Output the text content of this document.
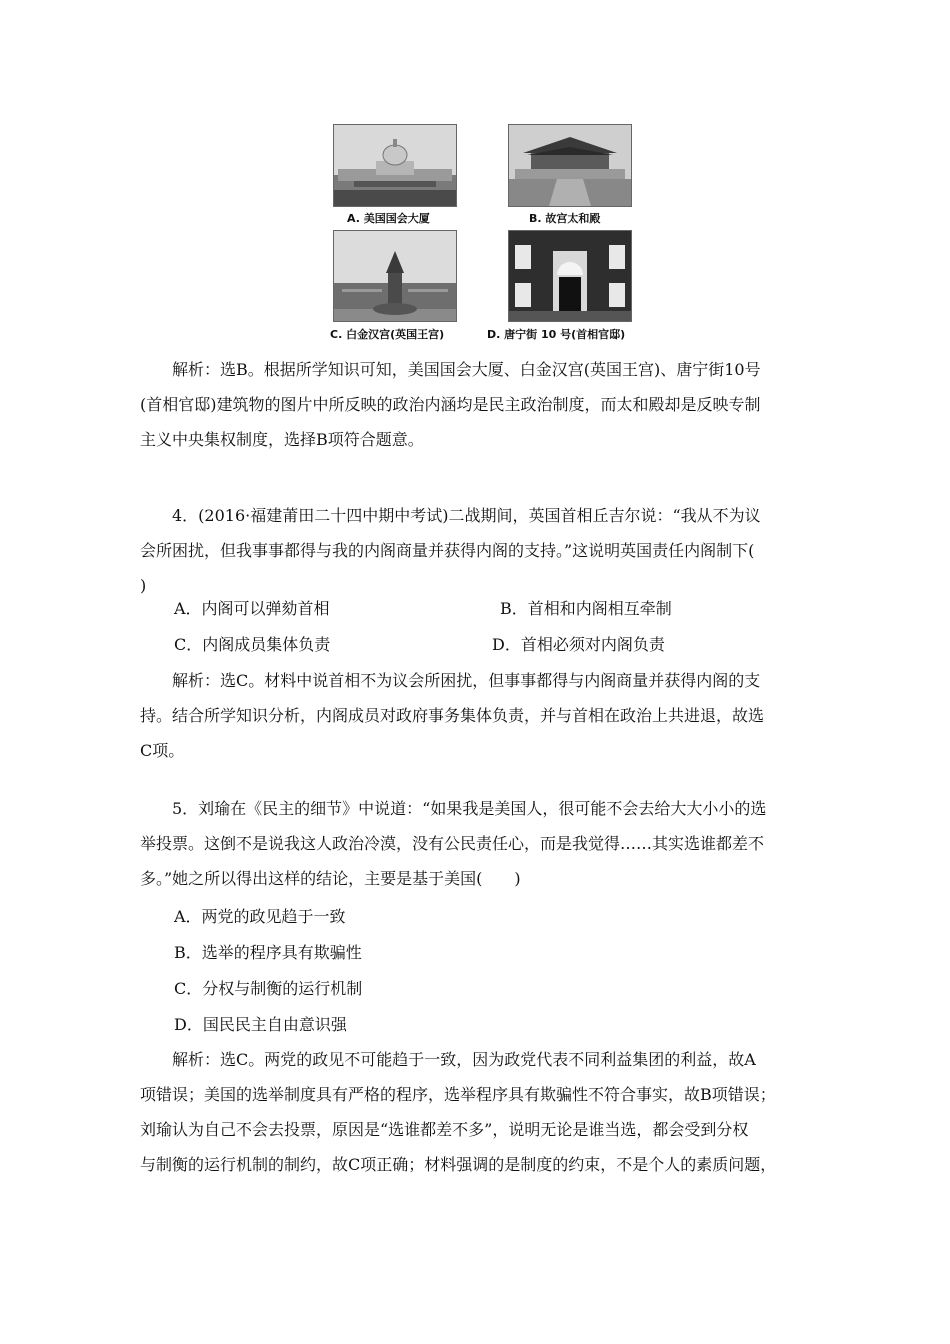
A. 美国国会大厦	B. 故宫太和殿
C. 白金汉宫(英国王宫)	D. 唐宁街 10 号(首相官邸)

解析：选B。根据所学知识可知，美国国会大厦、白金汉宫(英国王宫)、唐宁街10号

(首相官邸)建筑物的图片中所反映的政治内涵均是民主政治制度，而太和殿却是反映专制

主义中央集权制度，选择B项符合题意。

4．(2016·福建莆田二十四中期中考试)二战期间，英国首相丘吉尔说：“我从不为议

会所困扰，但我事事都得与我的内阁商量并获得内阁的支持。”这说明英国责任内阁制下(

)

A．内阁可以弹劾首相	B．首相和内阁相互牵制
C．内阁成员集体负责	D．首相必须对内阁负责

解析：选C。材料中说首相不为议会所困扰，但事事都得与内阁商量并获得内阁的支

持。结合所学知识分析，内阁成员对政府事务集体负责，并与首相在政治上共进退，故选

C项。

5．刘瑜在《民主的细节》中说道：“如果我是美国人，很可能不会去给大大小小的选

举投票。这倒不是说我这人政治冷漠，没有公民责任心，而是我觉得……其实选谁都差不

多。”她之所以得出这样的结论，主要是基于美国(　　)

A．两党的政见趋于一致
B．选举的程序具有欺骗性
C．分权与制衡的运行机制
D．国民民主自由意识强

解析：选C。两党的政见不可能趋于一致，因为政党代表不同利益集团的利益，故A

项错误；美国的选举制度具有严格的程序，选举程序具有欺骗性不符合事实，故B项错误；

刘瑜认为自己不会去投票，原因是“选谁都差不多”，说明无论是谁当选，都会受到分权

与制衡的运行机制的制约，故C项正确；材料强调的是制度的约束，不是个人的素质问题，
